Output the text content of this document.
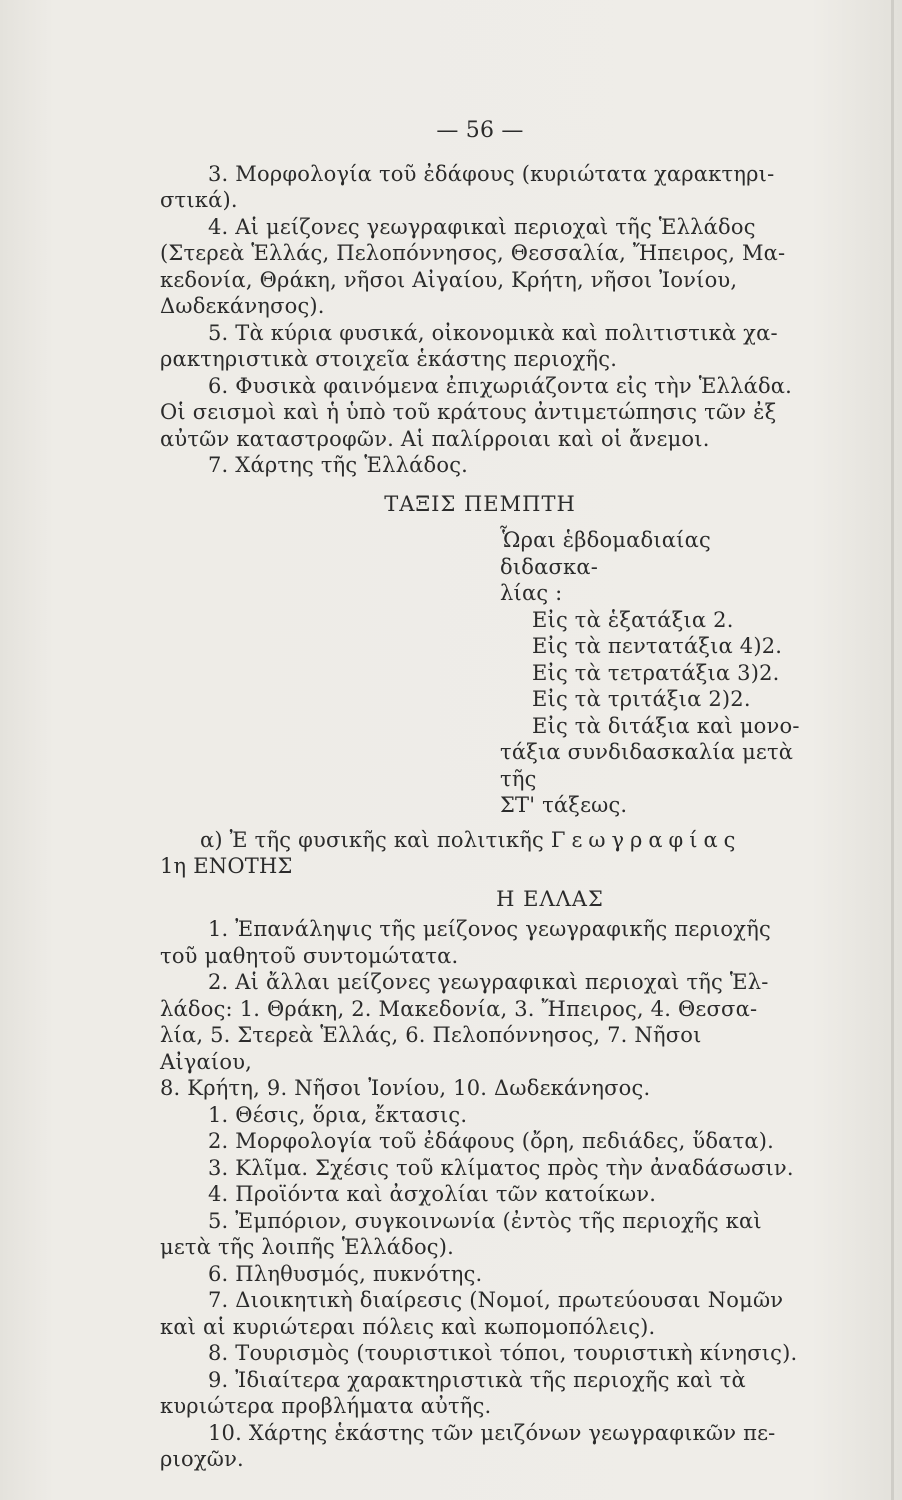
— 56 —

3. Μορφολογία τοῦ ἐδάφους (κυριώτατα χαρακτηρι-

στικά).

4. Αἱ μείζονες γεωγραφικαὶ περιοχαὶ τῆς Ἑλλάδος

(Στερεὰ Ἑλλάς, Πελοπόννησος, Θεσσαλία, Ἤπειρος, Μα-

κεδονία, Θράκη, νῆσοι Αἰγαίου, Κρήτη, νῆσοι Ἰονίου,

Δωδεκάνησος).

5. Τὰ κύρια φυσικά, οἰκονομικὰ καὶ πολιτιστικὰ χα-

ρακτηριστικὰ στοιχεῖα ἑκάστης περιοχῆς.

6. Φυσικὰ φαινόμενα ἐπιχωριάζοντα εἰς τὴν Ἑλλάδα.

Οἱ σεισμοὶ καὶ ἡ ὑπὸ τοῦ κράτους ἀντιμετώπησις τῶν ἐξ

αὐτῶν καταστροφῶν. Αἱ παλίρροιαι καὶ οἱ ἄνεμοι.

7. Χάρτης τῆς Ἑλλάδος.

ΤΑΞΙΣ ΠΕΜΠΤΗ

Ὧραι ἑβδομαδιαίας διδασκα-

λίας :

Εἰς τὰ ἑξατάξια 2.

Εἰς τὰ πεντατάξια 4)2.

Εἰς τὰ τετρατάξια 3)2.

Εἰς τὰ τριτάξια 2)2.

Εἰς τὰ διτάξια καὶ μονο-

τάξια συνδιδασκαλία μετὰ τῆς

ΣΤ' τάξεως.

α) Ἐ τῆς φυσικῆς καὶ πολιτικῆς Γεωγραφίας

1η ΕΝΟΤΗΣ

Η ΕΛΛΑΣ

1. Ἐπανάληψις τῆς μείζονος γεωγραφικῆς περιοχῆς

τοῦ μαθητοῦ συντομώτατα.

2. Αἱ ἄλλαι μείζονες γεωγραφικαὶ περιοχαὶ τῆς Ἑλ-

λάδος: 1. Θράκη, 2. Μακεδονία, 3. Ἤπειρος, 4. Θεσσα-

λία, 5. Στερεὰ Ἑλλάς, 6. Πελοπόννησος, 7. Νῆσοι Αἰγαίου,

8. Κρήτη, 9. Νῆσοι Ἰονίου, 10. Δωδεκάνησος.

1. Θέσις, ὅρια, ἔκτασις.

2. Μορφολογία τοῦ ἐδάφους (ὄρη, πεδιάδες, ὕδατα).

3. Κλῖμα. Σχέσις τοῦ κλίματος πρὸς τὴν ἀναδάσωσιν.

4. Προϊόντα καὶ ἀσχολίαι τῶν κατοίκων.

5. Ἐμπόριον, συγκοινωνία (ἐντὸς τῆς περιοχῆς καὶ

μετὰ τῆς λοιπῆς Ἑλλάδος).

6. Πληθυσμός, πυκνότης.

7. Διοικητικὴ διαίρεσις (Νομοί, πρωτεύουσαι Νομῶν

καὶ αἱ κυριώτεραι πόλεις καὶ κωπομοπόλεις).

8. Τουρισμὸς (τουριστικοὶ τόποι, τουριστικὴ κίνησις).

9. Ἰδιαίτερα χαρακτηριστικὰ τῆς περιοχῆς καὶ τὰ

κυριώτερα προβλήματα αὐτῆς.

10. Χάρτης ἑκάστης τῶν μειζόνων γεωγραφικῶν πε-

ριοχῶν.
